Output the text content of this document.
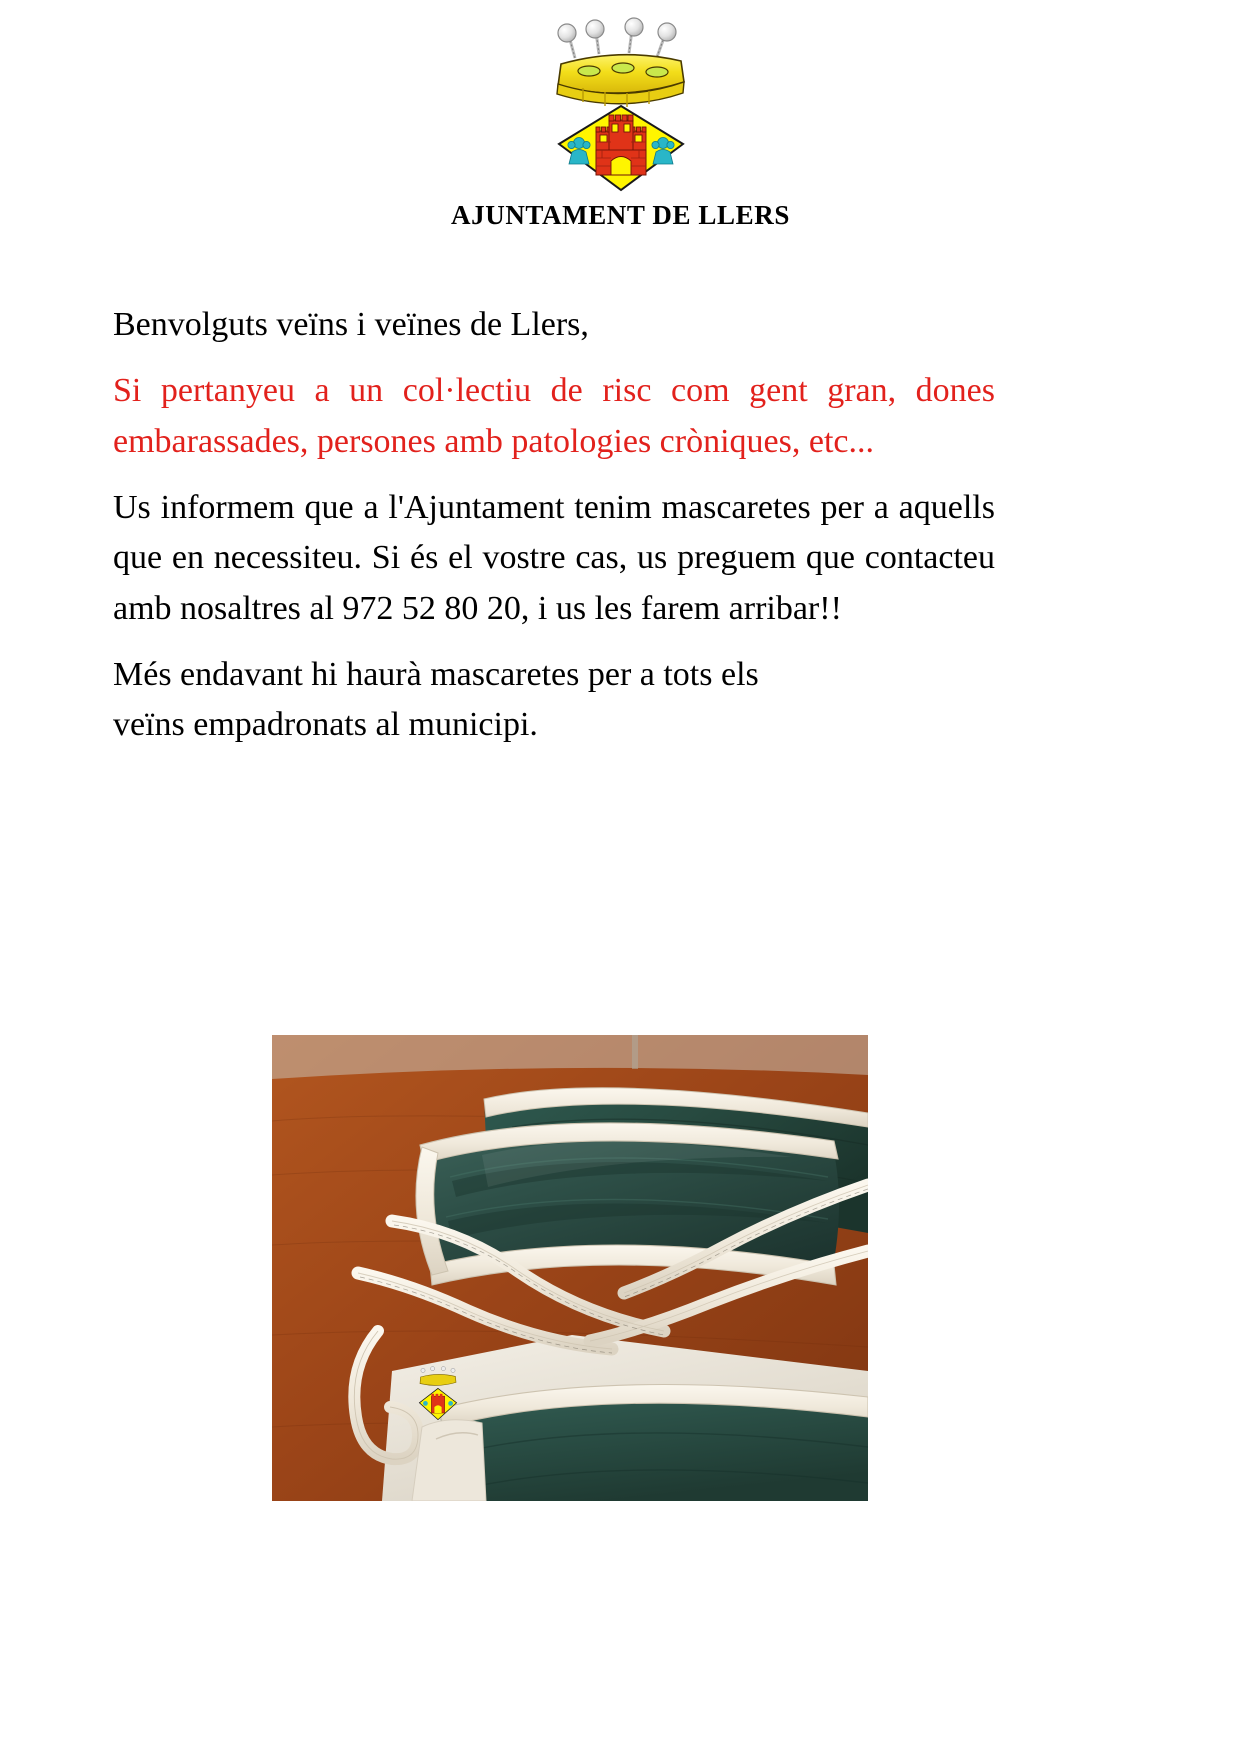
AJUNTAMENT DE LLERS

Benvolguts veïns i veïnes de Llers,

Si pertanyeu a un col·lectiu de risc com gent gran, dones embarassades, persones amb patologies cròniques, etc...

Us informem que a l'Ajuntament tenim mascaretes per a aquells que en necessiteu. Si és el vostre cas, us preguem que contacteu amb nosaltres al 972 52 80 20, i us les farem arribar!!

Més endavant hi haurà mascaretes per a tots els
veïns empadronats al municipi.
